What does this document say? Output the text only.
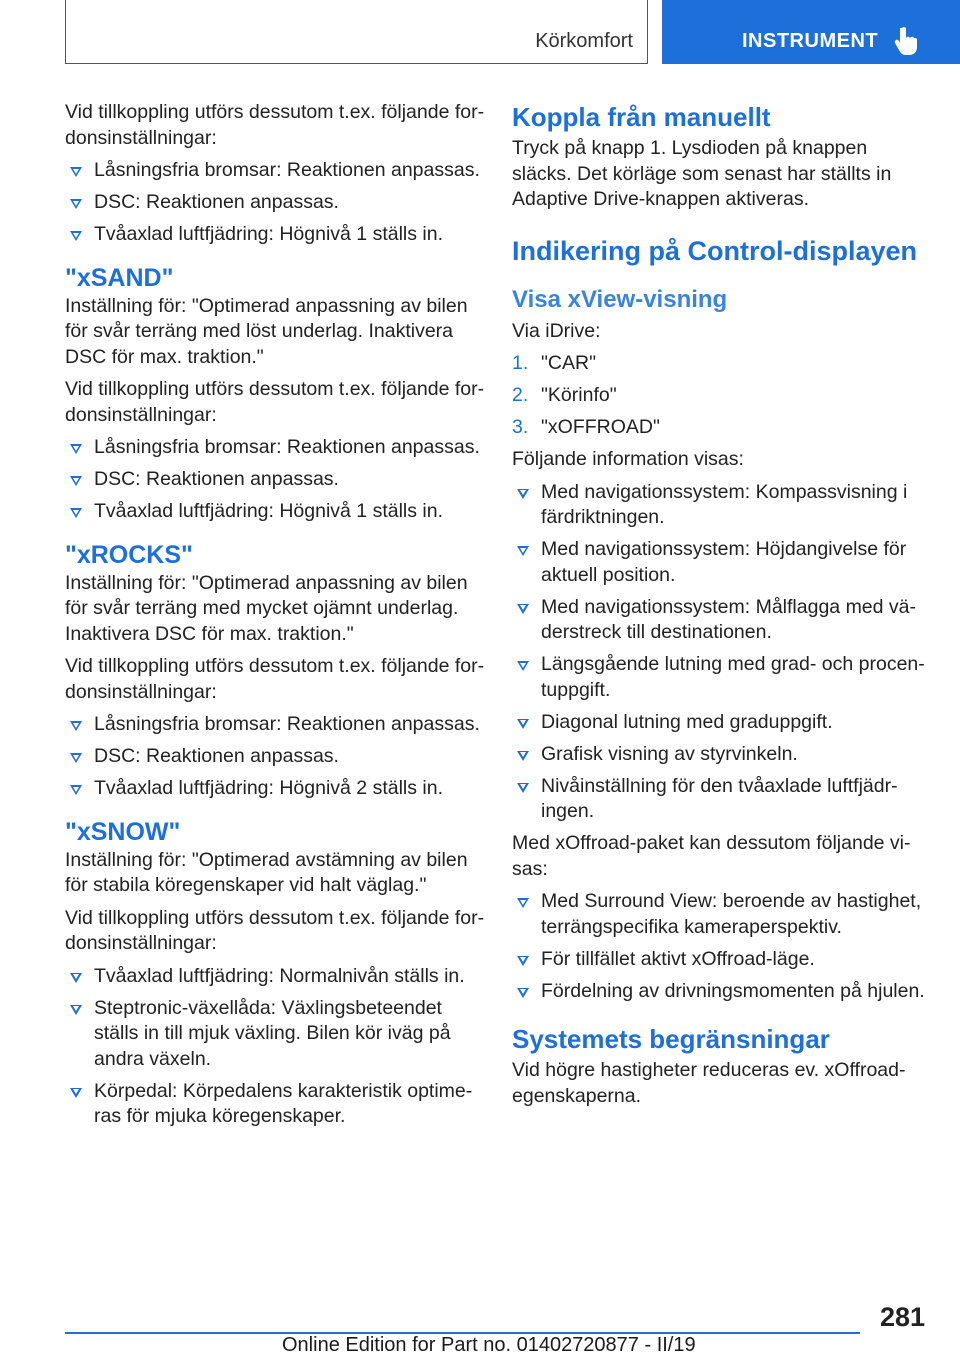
Körkomfort	INSTRUMENT

Vid tillkoppling utförs dessutom t.ex. följande fordonsinställningar:

Låsningsfria bromsar: Reaktionen anpassas.
DSC: Reaktionen anpassas.
Tvåaxlad luftfjädring: Högnivå 1 ställs in.
"xSAND"

Inställning för: "Optimerad anpassning av bilen för svår terräng med löst underlag. Inaktivera DSC för max. traktion."

Vid tillkoppling utförs dessutom t.ex. följande fordonsinställningar:

Låsningsfria bromsar: Reaktionen anpassas.
DSC: Reaktionen anpassas.
Tvåaxlad luftfjädring: Högnivå 1 ställs in.
"xROCKS"

Inställning för: "Optimerad anpassning av bilen för svår terräng med mycket ojämnt underlag. Inaktivera DSC för max. traktion."

Vid tillkoppling utförs dessutom t.ex. följande fordonsinställningar:

Låsningsfria bromsar: Reaktionen anpassas.
DSC: Reaktionen anpassas.
Tvåaxlad luftfjädring: Högnivå 2 ställs in.
"xSNOW"

Inställning för: "Optimerad avstämning av bilen för stabila köregenskaper vid halt väglag."

Vid tillkoppling utförs dessutom t.ex. följande fordonsinställningar:

Tvåaxlad luftfjädring: Normalnivån ställs in.
Steptronic-växellåda: Växlingsbeteendet ställs in till mjuk växling. Bilen kör iväg på andra växeln.
Körpedal: Körpedalens karakteristik optimeras för mjuka köregenskaper.
Koppla från manuellt

Tryck på knapp 1. Lysdioden på knappen släcks. Det körläge som senast har ställts in Adaptive Drive-knappen aktiveras.

Indikering på Control-displayen
Visa xView-visning

Via iDrive:

1. "CAR"
2. "Körinfo"
3. "xOFFROAD"

Följande information visas:

Med navigationssystem: Kompassvisning i färdriktningen.
Med navigationssystem: Höjdangivelse för aktuell position.
Med navigationssystem: Målflagga med väderstreck till destinationen.
Längsgående lutning med grad- och procentuppgift.
Diagonal lutning med graduppgift.
Grafisk visning av styrvinkeln.
Nivåinställning för den tvåaxlade luftfjädringen.

Med xOffroad-paket kan dessutom följande visas:

Med Surround View: beroende av hastighet, terrängspecifika kameraperspektiv.
För tillfället aktivt xOffroad-läge.
Fördelning av drivningsmomenten på hjulen.
Systemets begränsningar

Vid högre hastigheter reduceras ev. xOffroad-egenskaperna.

281
Online Edition for Part no. 01402720877 - II/19
